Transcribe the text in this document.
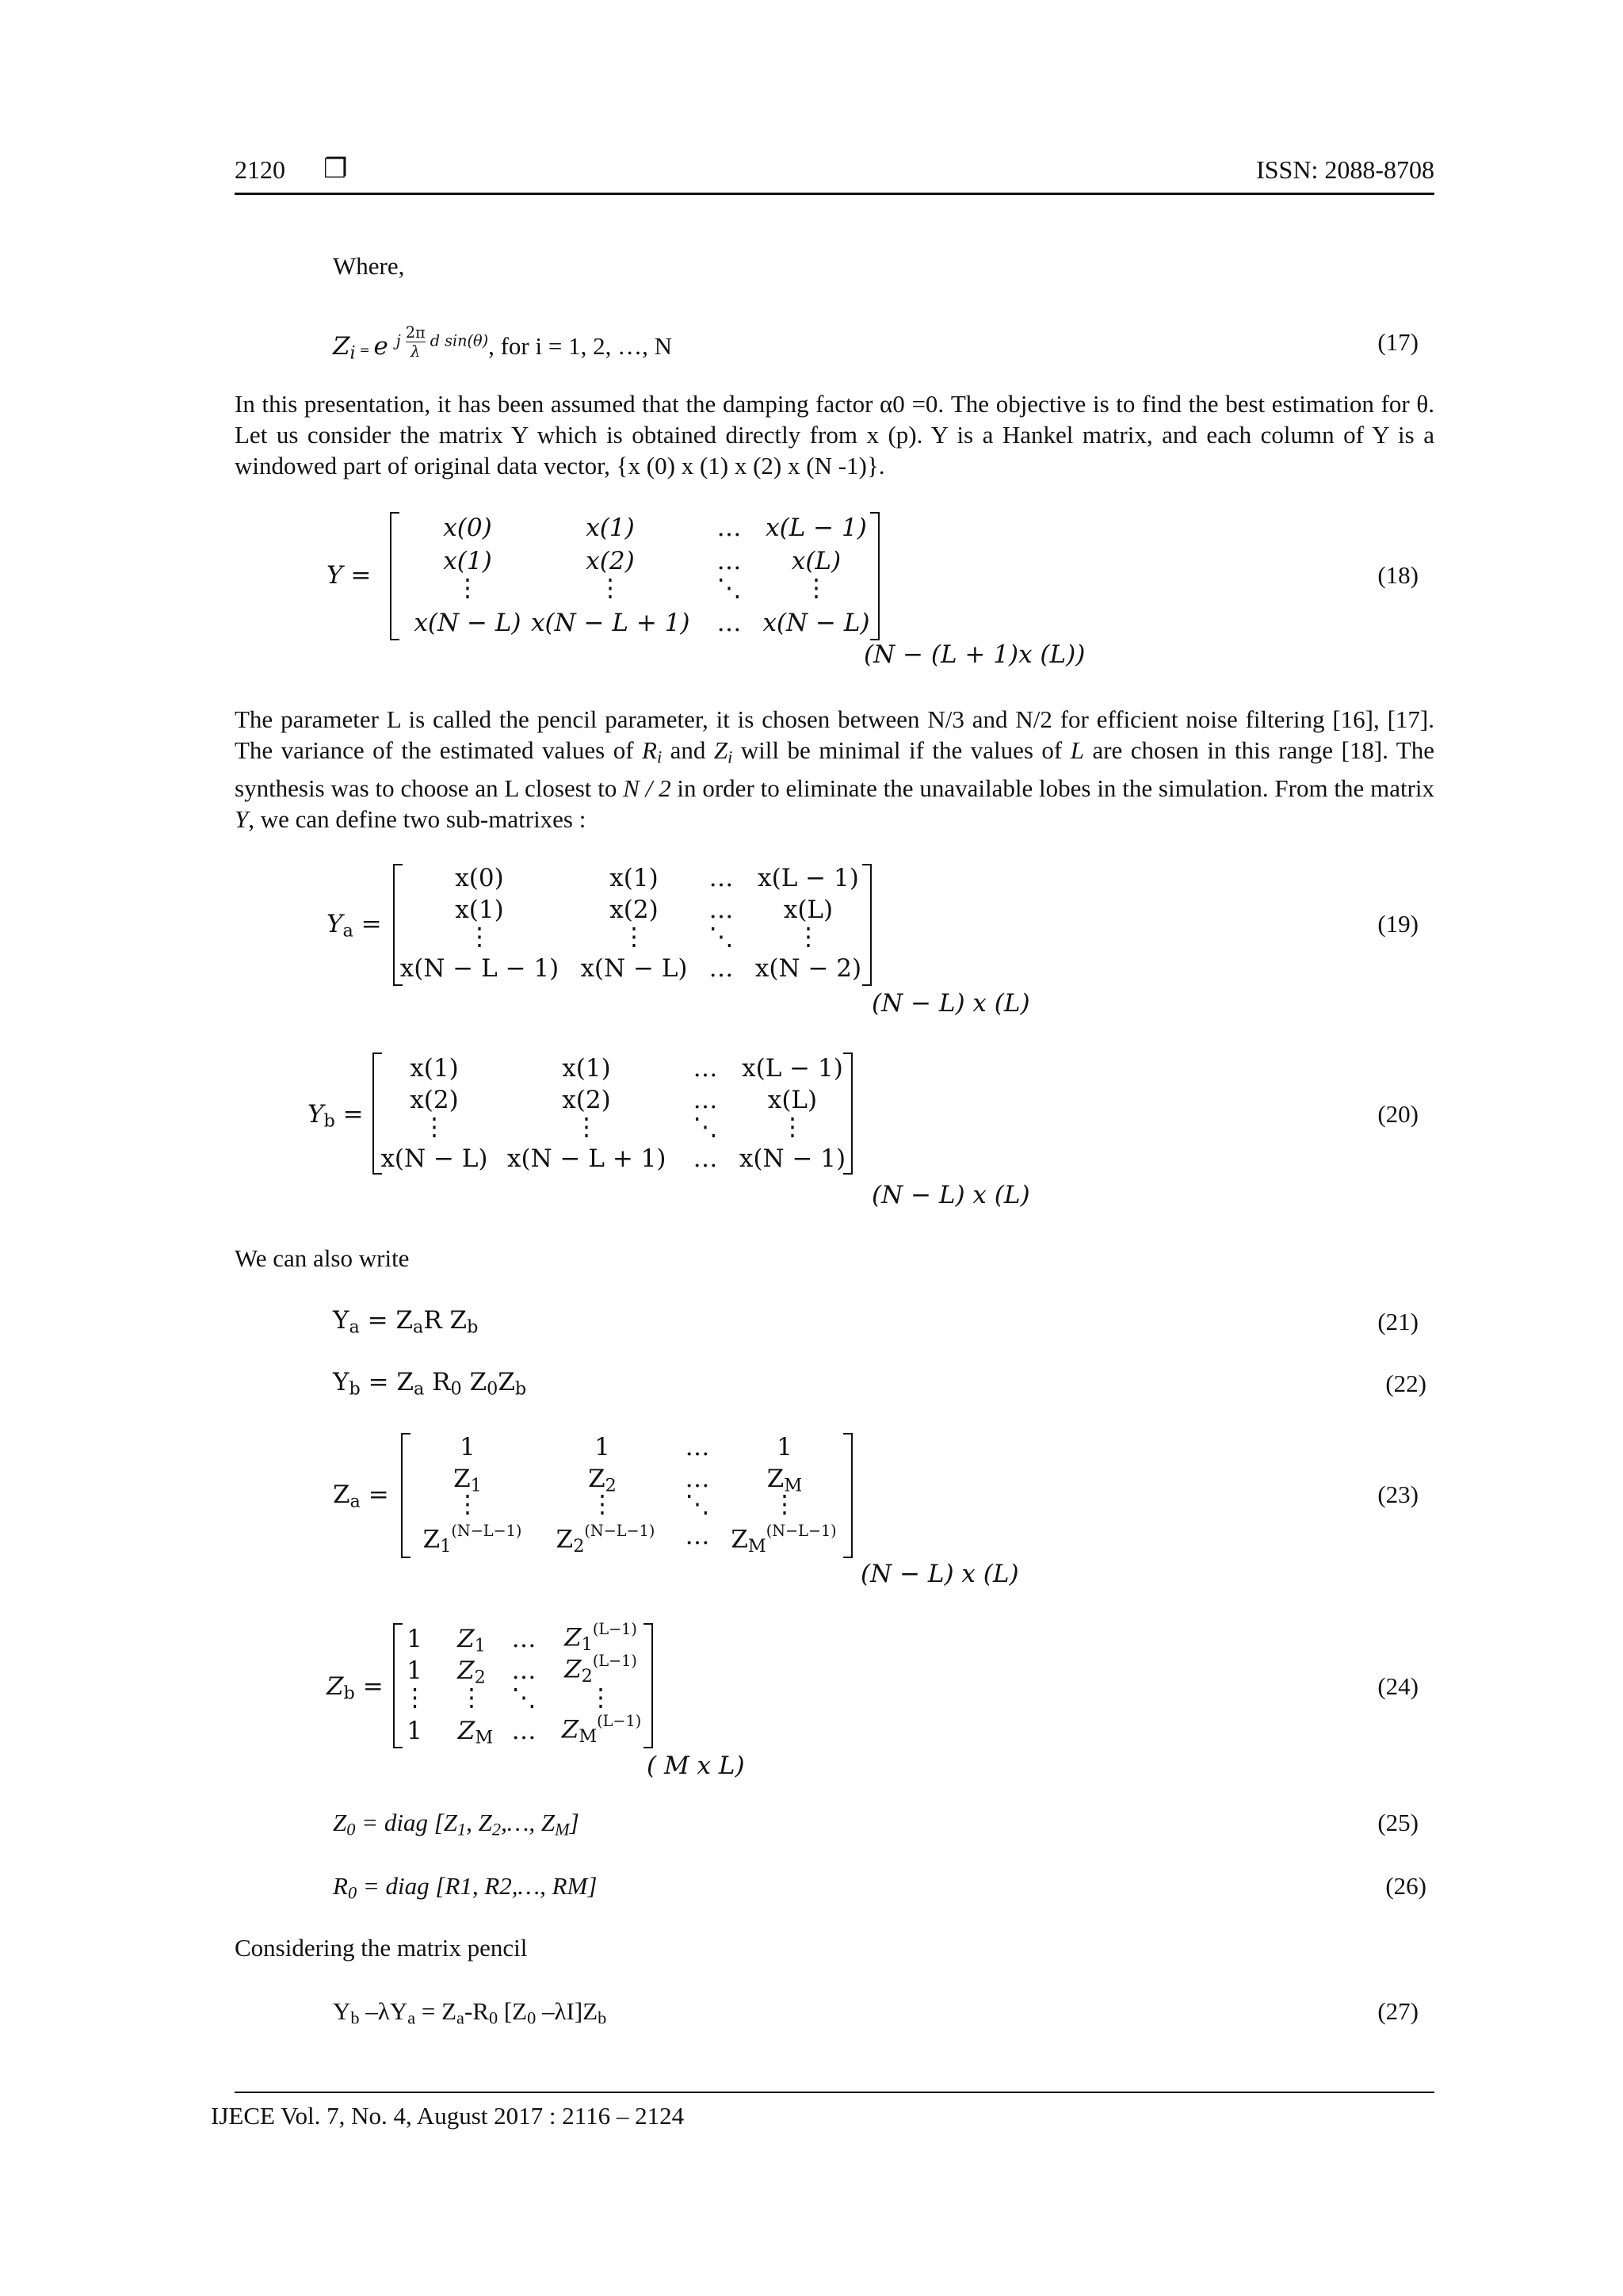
2120 ❐	ISSN: 2088-8708
Where,
$Z_i = e$ j $\frac{2\pi}{\lambda}$ d sin(θ), for i = 1, 2, …, N	(17)

In this presentation, it has been assumed that the damping factor α0 =0. The objective is to find the best estimation for θ. Let us consider the matrix Y which is obtained directly from x (p). Y is a Hankel matrix, and each column of Y is a windowed part of original data vector, {x (0) x (1) x (2) x (N -1)}.

Y =
x(0)	x(1)	… x(L − 1)
x(1)	x(2)	…	x(L)
⋮	⋮	⋱	⋮
x(N − L) x(N − L + 1)	… x(N − L)
(N − (L + 1)x (L))
(18)

The parameter L is called the pencil parameter, it is chosen between N/3 and N/2 for efficient noise filtering [16], [17]. The variance of the estimated values of $R_i$ and $Z_i$ will be minimal if the values of L are chosen in this range [18]. The synthesis was to choose an L closest to N / 2 in order to eliminate the unavailable lobes in the simulation. From the matrix Y, we can define two sub-matrixes :

$Y_a$ =
x(0)	x(1)	… x(L − 1)
x(1)	x(2)	…	x(L)
⋮	⋮	⋱	⋮
x(N − L − 1) x(N − L) … x(N − 2)
(N − L) x (L)
(19)
$Y_b$ =
x(1)	x(1)	… x(L − 1)
x(2)	x(2)	…	x(L)
⋮	⋮	⋱	⋮
x(N − L) x(N − L + 1)	… x(N − 1)
(N − L) x (L)
(20)
We can also write
$Y_a = Z_aR$ $Z_b$	(21)
$Y_b = Z_a$ $R_0$ $Z_0Z_b$	(22)
$Z_a$ =
1	1	…	1
$Z_1$	$Z_2$	…	$Z_M$
⋮	⋮	⋱	⋮
$Z_1^{(N-L-1)}$	$Z_2^{(N-L-1)}$	… $Z_M^{(N-L-1)}$
(N − L) x (L)
(23)
$Z_b$ =
1	$Z_1$	…	$Z_1^{(L-1)}$
1	$Z_2$	…	$Z_2^{(L-1)}$
⋮	⋮	⋱	⋮
1	$Z_M$ …	$Z_M^{(L-1)}$
( M x L)
(24)
$Z_0$ = diag [$Z_1$, $Z_2,\dots$, $Z_M$]	(25)
$R_0$ = diag [R1, R2,…, RM]	(26)
Considering the matrix pencil
$Y_b$ $-\lambda Y_a = Z_a-R_0$ [$Z_0$ $-\lambda I]Z_b$	(27)
IJECE Vol. 7, No. 4, August 2017 : 2116 – 2124
